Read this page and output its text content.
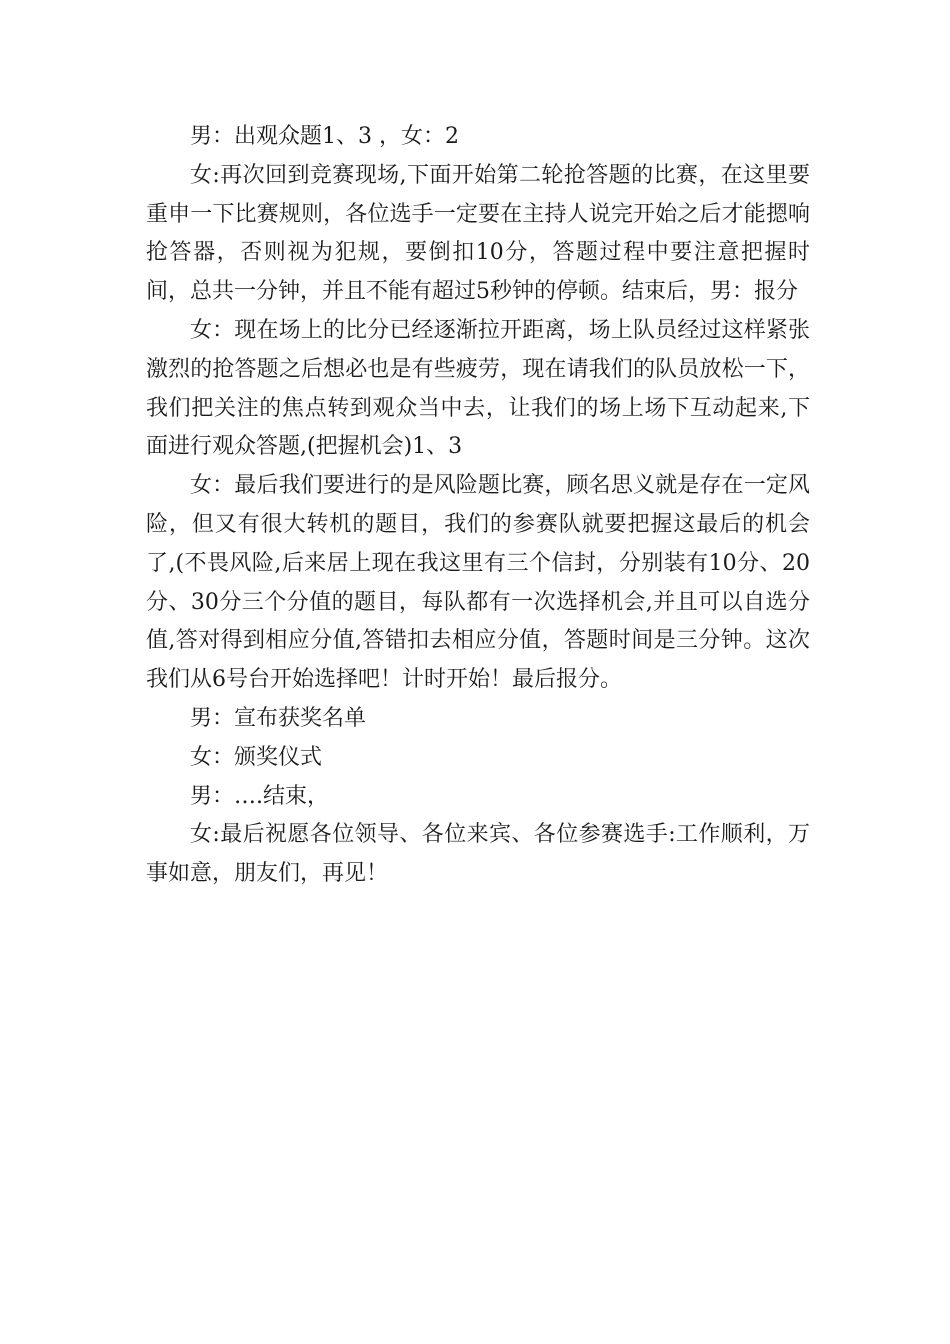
男：出观众题1、3 ，女：2

女:再次回到竞赛现场,下面开始第二轮抢答题的比赛，在这里要重申一下比赛规则，各位选手一定要在主持人说完开始之后才能摁响抢答器，否则视为犯规，要倒扣10分，答题过程中要注意把握时间，总共一分钟，并且不能有超过5秒钟的停顿。结束后，男：报分

女：现在场上的比分已经逐渐拉开距离，场上队员经过这样紧张激烈的抢答题之后想必也是有些疲劳，现在请我们的队员放松一下，我们把关注的焦点转到观众当中去，让我们的场上场下互动起来,下面进行观众答题,(把握机会)1、3

女：最后我们要进行的是风险题比赛，顾名思义就是存在一定风险，但又有很大转机的题目，我们的参赛队就要把握这最后的机会了,(不畏风险,后来居上现在我这里有三个信封，分别装有10分、20分、30分三个分值的题目，每队都有一次选择机会,并且可以自选分值,答对得到相应分值,答错扣去相应分值，答题时间是三分钟。这次我们从6号台开始选择吧！计时开始！最后报分。

男：宣布获奖名单

女：颁奖仪式

男：….结束，

女:最后祝愿各位领导、各位来宾、各位参赛选手:工作顺利，万事如意，朋友们，再见！
